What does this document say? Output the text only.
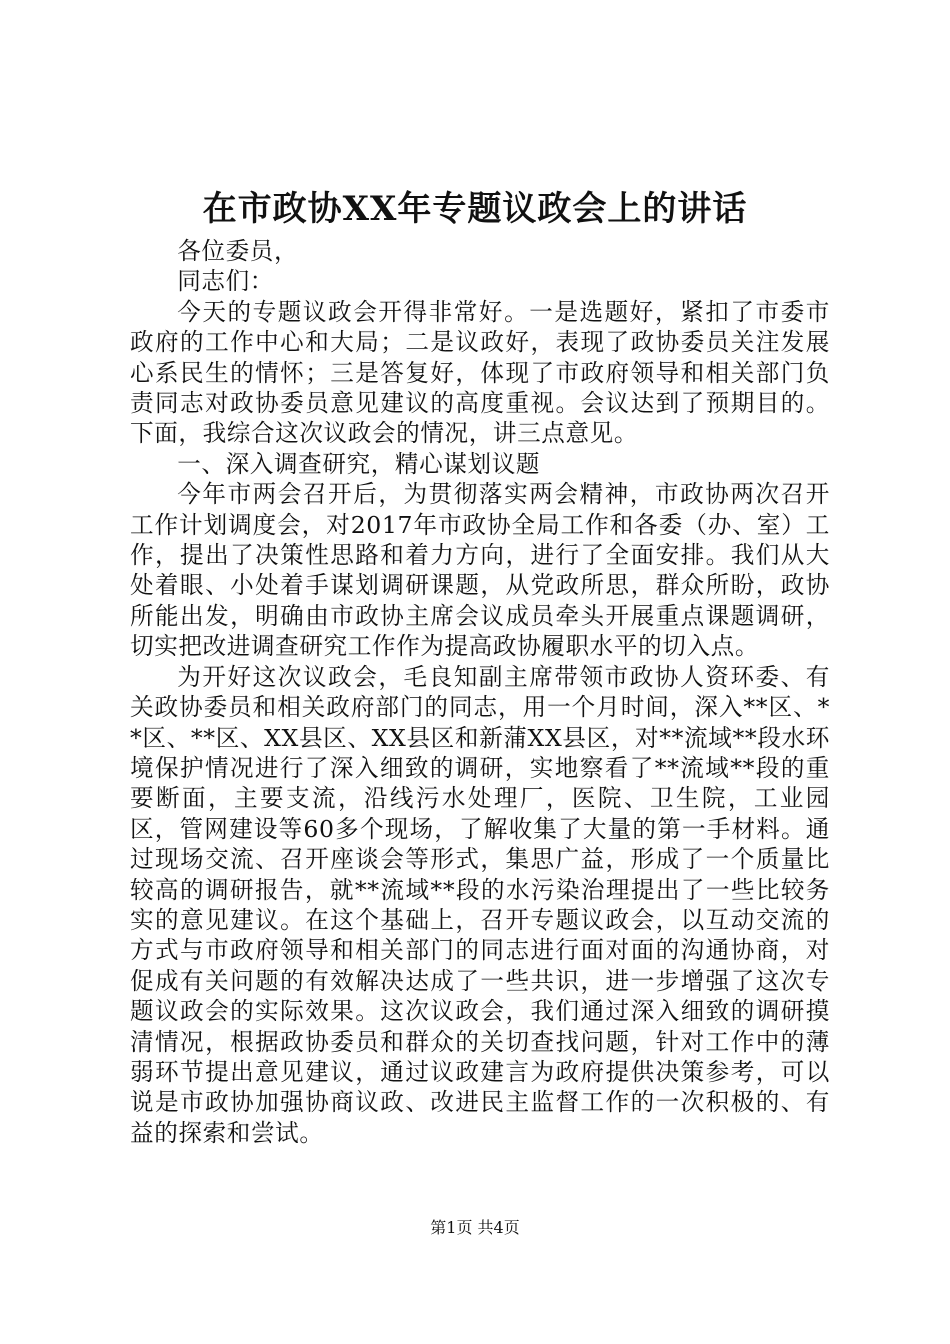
在市政协XX年专题议政会上的讲话

各位委员，

同志们：

今天的专题议政会开得非常好。一是选题好，紧扣了市委市政府的工作中心和大局；二是议政好，表现了政协委员关注发展心系民生的情怀；三是答复好，体现了市政府领导和相关部门负责同志对政协委员意见建议的高度重视。会议达到了预期目的。下面，我综合这次议政会的情况，讲三点意见。

一、深入调查研究，精心谋划议题

今年市两会召开后，为贯彻落实两会精神，市政协两次召开工作计划调度会，对2017年市政协全局工作和各委（办、室）工作，提出了决策性思路和着力方向，进行了全面安排。我们从大处着眼、小处着手谋划调研课题，从党政所思，群众所盼，政协所能出发，明确由市政协主席会议成员牵头开展重点课题调研，切实把改进调查研究工作作为提高政协履职水平的切入点。

为开好这次议政会，毛良知副主席带领市政协人资环委、有关政协委员和相关政府部门的同志，用一个月时间，深入**区、**区、**区、XX县区、XX县区和新蒲XX县区，对**流域**段水环境保护情况进行了深入细致的调研，实地察看了**流域**段的重要断面，主要支流，沿线污水处理厂，医院、卫生院，工业园区，管网建设等60多个现场，了解收集了大量的第一手材料。通过现场交流、召开座谈会等形式，集思广益，形成了一个质量比较高的调研报告，就**流域**段的水污染治理提出了一些比较务实的意见建议。在这个基础上，召开专题议政会，以互动交流的方式与市政府领导和相关部门的同志进行面对面的沟通协商，对促成有关问题的有效解决达成了一些共识，进一步增强了这次专题议政会的实际效果。这次议政会，我们通过深入细致的调研摸清情况，根据政协委员和群众的关切查找问题，针对工作中的薄弱环节提出意见建议，通过议政建言为政府提供决策参考，可以说是市政协加强协商议政、改进民主监督工作的一次积极的、有益的探索和尝试。

第1页 共4页
